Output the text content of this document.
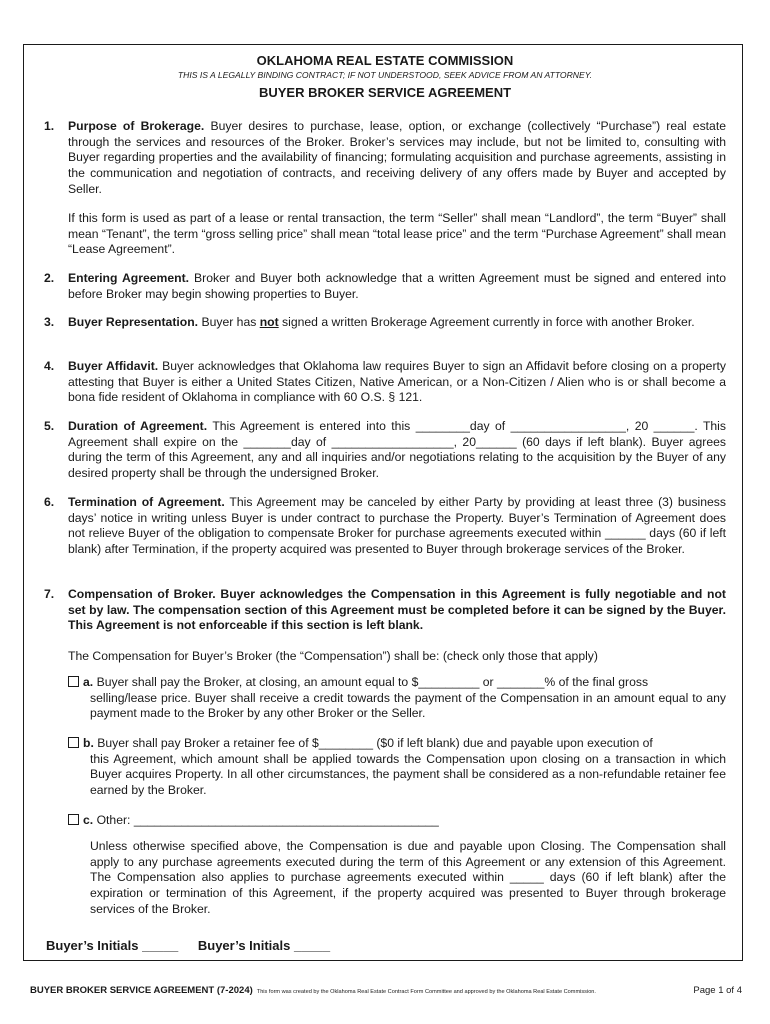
OKLAHOMA REAL ESTATE COMMISSION
THIS IS A LEGALLY BINDING CONTRACT; IF NOT UNDERSTOOD, SEEK ADVICE FROM AN ATTORNEY.
BUYER BROKER SERVICE AGREEMENT
1. Purpose of Brokerage. Buyer desires to purchase, lease, option, or exchange (collectively “Purchase”) real estate through the services and resources of the Broker. Broker’s services may include, but not be limited to, consulting with Buyer regarding properties and the availability of financing; formulating acquisition and purchase agreements, assisting in the communication and negotiation of contracts, and receiving delivery of any offers made by Buyer and accepted by Seller.
If this form is used as part of a lease or rental transaction, the term “Seller” shall mean “Landlord”, the term “Buyer” shall mean “Tenant”, the term “gross selling price” shall mean “total lease price” and the term “Purchase Agreement” shall mean “Lease Agreement”.
2. Entering Agreement. Broker and Buyer both acknowledge that a written Agreement must be signed and entered into before Broker may begin showing properties to Buyer.
3. Buyer Representation. Buyer has not signed a written Brokerage Agreement currently in force with another Broker.
4. Buyer Affidavit. Buyer acknowledges that Oklahoma law requires Buyer to sign an Affidavit before closing on a property attesting that Buyer is either a United States Citizen, Native American, or a Non-Citizen / Alien who is or shall become a bona fide resident of Oklahoma in compliance with 60 O.S. § 121.
5. Duration of Agreement. This Agreement is entered into this ________day of _________________, 20 ______. This Agreement shall expire on the _______day of __________________, 20______ (60 days if left blank). Buyer agrees during the term of this Agreement, any and all inquiries and/or negotiations relating to the acquisition by the Buyer of any desired property shall be through the undersigned Broker.
6. Termination of Agreement. This Agreement may be canceled by either Party by providing at least three (3) business days’ notice in writing unless Buyer is under contract to purchase the Property. Buyer’s Termination of Agreement does not relieve Buyer of the obligation to compensate Broker for purchase agreements executed within ______ days (60 if left blank) after Termination, if the property acquired was presented to Buyer through brokerage services of the Broker.
7. Compensation of Broker. Buyer acknowledges the Compensation in this Agreement is fully negotiable and not set by law. The compensation section of this Agreement must be completed before it can be signed by the Buyer. This Agreement is not enforceable if this section is left blank.
The Compensation for Buyer’s Broker (the “Compensation”) shall be: (check only those that apply)
a. Buyer shall pay the Broker, at closing, an amount equal to $_________ or _______% of the final gross
selling/lease price. Buyer shall receive a credit towards the payment of the Compensation in an amount equal to any payment made to the Broker by any other Broker or the Seller.
b. Buyer shall pay Broker a retainer fee of $________ ($0 if left blank) due and payable upon execution of
this Agreement, which amount shall be applied towards the Compensation upon closing on a transaction in which Buyer acquires Property. In all other circumstances, the payment shall be considered as a non-refundable retainer fee earned by the Broker.
c. Other: _____________________________________________
Unless otherwise specified above, the Compensation is due and payable upon Closing. The Compensation shall apply to any purchase agreements executed during the term of this Agreement or any extension of this Agreement. The Compensation also applies to purchase agreements executed within _____ days (60 if left blank) after the expiration or termination of this Agreement, if the property acquired was presented to Buyer through brokerage services of the Broker.
Buyer’s Initials _____ Buyer’s Initials _____
BUYER BROKER SERVICE AGREEMENT (7-2024) This form was created by the Oklahoma Real Estate Contract Form Committee and approved by the Oklahoma Real Estate Commission.	Page 1 of 4
